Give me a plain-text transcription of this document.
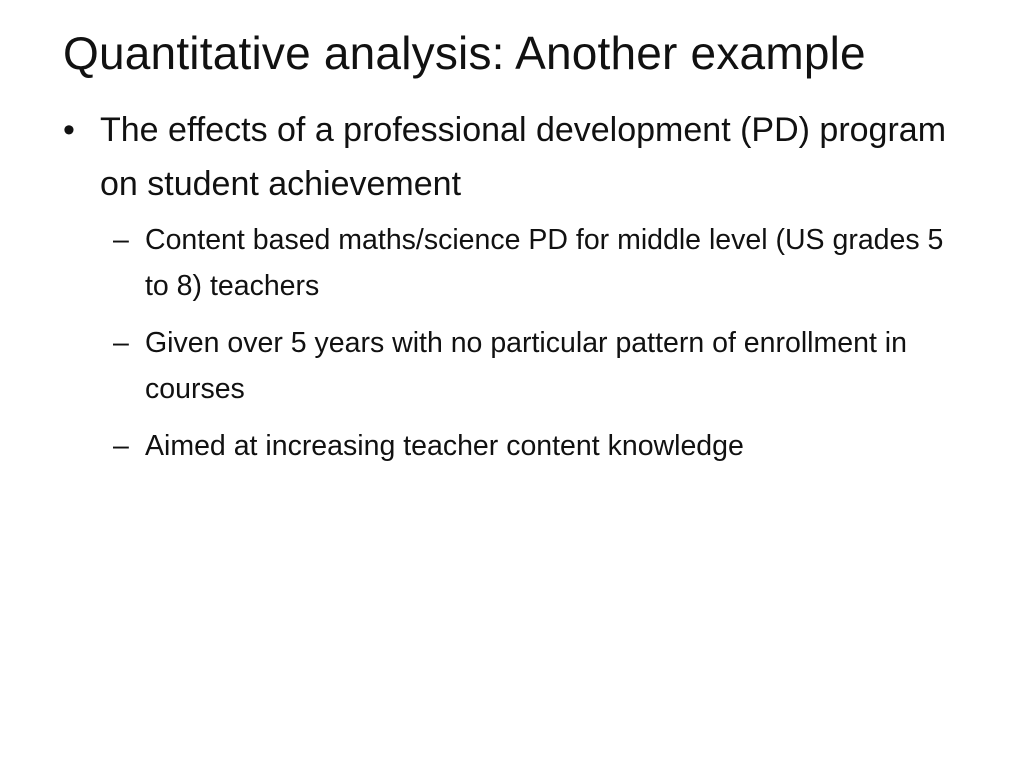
Quantitative analysis: Another example
• The effects of a professional development (PD) program on student achievement
– Content based maths/science PD for middle level (US grades 5 to 8) teachers
– Given over 5 years with no particular pattern of enrollment in courses
– Aimed at increasing teacher content knowledge
